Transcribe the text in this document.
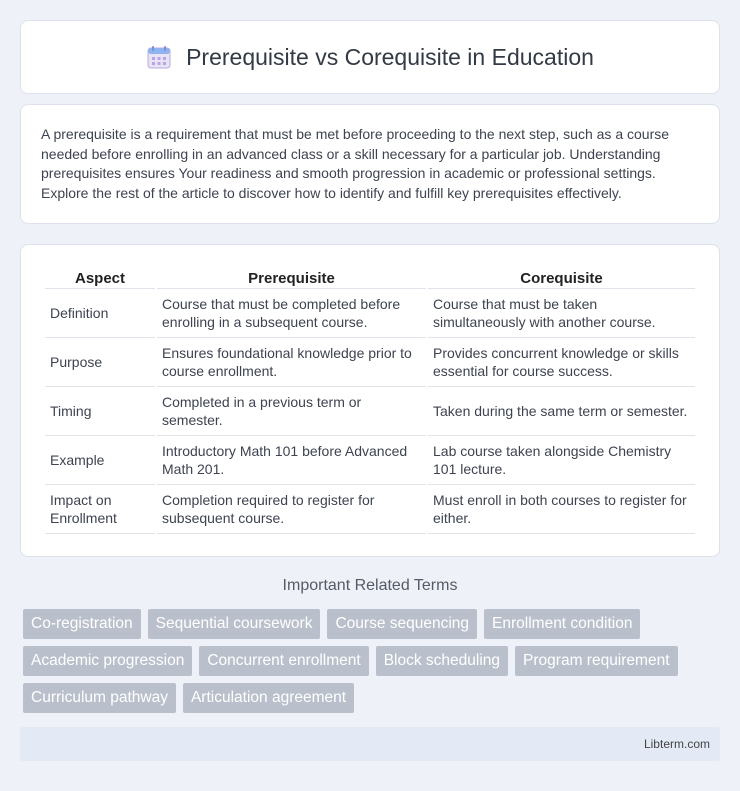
Prerequisite vs Corequisite in Education

A prerequisite is a requirement that must be met before proceeding to the next step, such as a course needed before enrolling in an advanced class or a skill necessary for a particular job. Understanding prerequisites ensures Your readiness and smooth progression in academic or professional settings. Explore the rest of the article to discover how to identify and fulfill key prerequisites effectively.

Aspect	Prerequisite	Corequisite
Definition	Course that must be completed before enrolling in a subsequent course.	Course that must be taken simultaneously with another course.
Purpose	Ensures foundational knowledge prior to course enrollment.	Provides concurrent knowledge or skills essential for course success.
Timing	Completed in a previous term or semester.	Taken during the same term or semester.
Example	Introductory Math 101 before Advanced Math 201.	Lab course taken alongside Chemistry 101 lecture.
Impact on Enrollment	Completion required to register for subsequent course.	Must enroll in both courses to register for either.
Important Related Terms
Co-registration	Sequential coursework	Course sequencing	Enrollment condition
Academic progression	Concurrent enrollment	Block scheduling	Program requirement
Curriculum pathway	Articulation agreement
Libterm.com
